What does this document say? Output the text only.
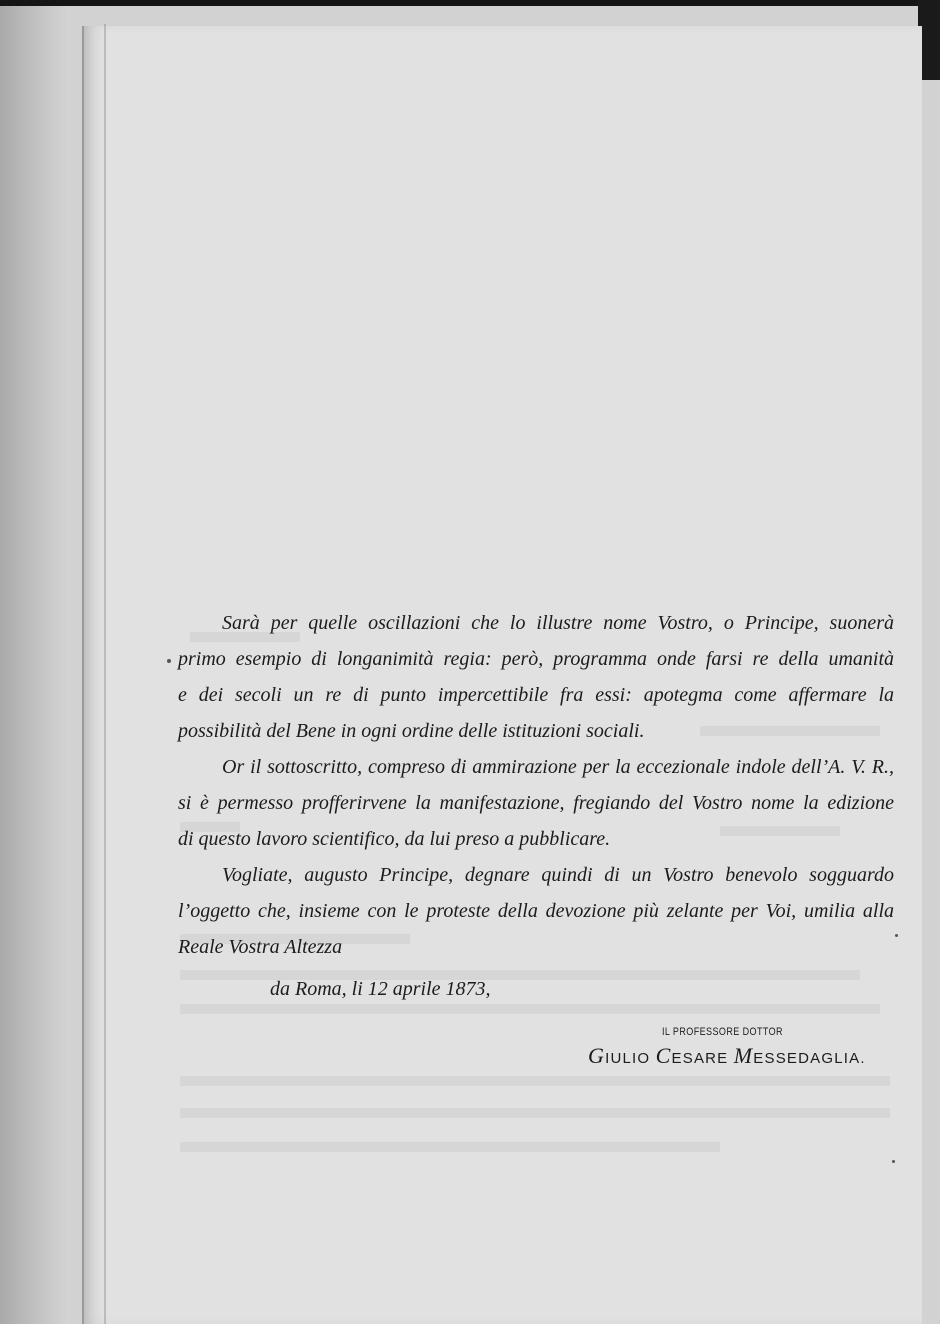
Sarà per quelle oscillazioni che lo illustre nome Vostro, o Principe, suonerà
primo esempio di longanimità regia: però, programma onde farsi re della umanità
e dei secoli un re di punto impercettibile fra essi: apotegma come affermare la
possibilità del Bene in ogni ordine delle istituzioni sociali.
Or il sottoscritto, compreso di ammirazione per la eccezionale indole dell’A. V. R.,
si è permesso profferirvene la manifestazione, fregiando del Vostro nome la edizione
di questo lavoro scientifico, da lui preso a pubblicare.
Vogliate, augusto Principe, degnare quindi di un Vostro benevolo sogguardo
l’oggetto che, insieme con le proteste della devozione più zelante per Voi, umilia alla
Reale Vostra Altezza
da Roma, li 12 aprile 1873,
IL PROFESSORE DOTTOR
GIULIO CESARE MESSEDAGLIA.
